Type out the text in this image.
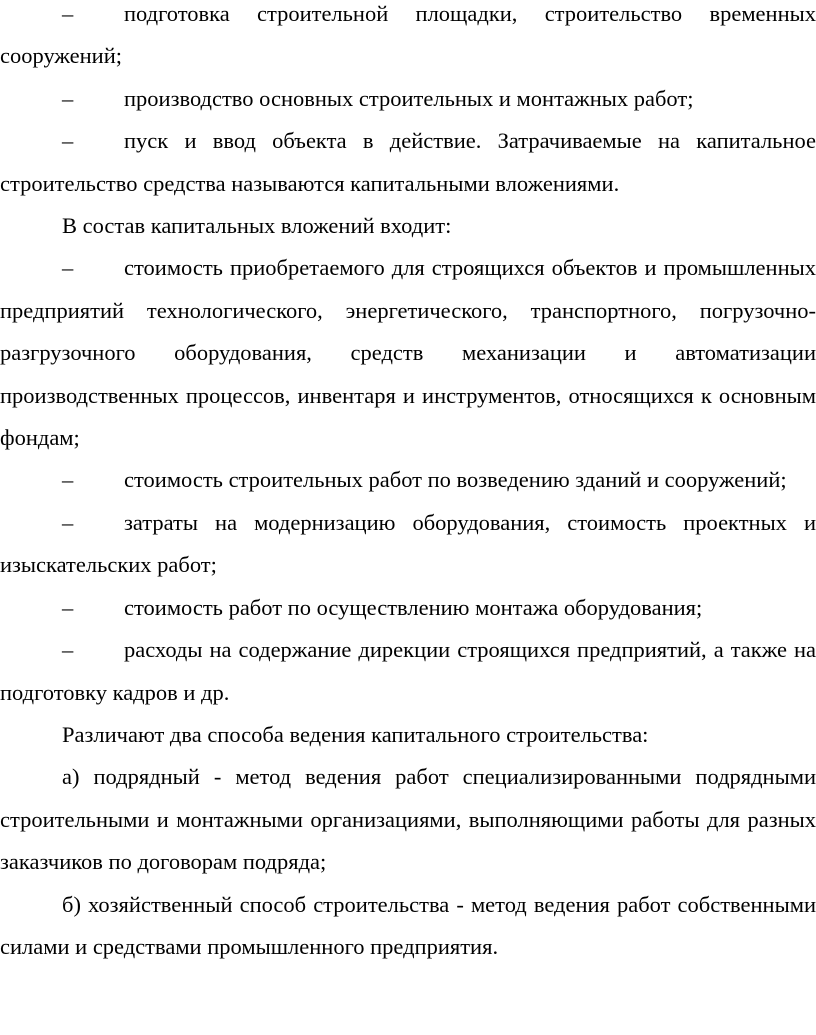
– подготовка строительной площадки, строительство временных сооружений;

– производство основных строительных и монтажных работ;

– пуск и ввод объекта в действие. Затрачиваемые на капитальное строительство средства называются капитальными вложениями.

В состав капитальных вложений входит:

– стоимость приобретаемого для строящихся объектов и промышленных предприятий технологического, энергетического, транспортного, погрузочно-разгрузочного оборудования, средств механизации и автоматизации производственных процессов, инвентаря и инструментов, относящихся к основным фондам;

– стоимость строительных работ по возведению зданий и сооружений;

– затраты на модернизацию оборудования, стоимость проектных и изыскательских работ;

– стоимость работ по осуществлению монтажа оборудования;

– расходы на содержание дирекции строящихся предприятий, а также на подготовку кадров и др.

Различают два способа ведения капитального строительства:

а) подрядный - метод ведения работ специализированными подрядными строительными и монтажными организациями, выполняющими работы для разных заказчиков по договорам подряда;

б) хозяйственный способ строительства - метод ведения работ собственными силами и средствами промышленного предприятия.
